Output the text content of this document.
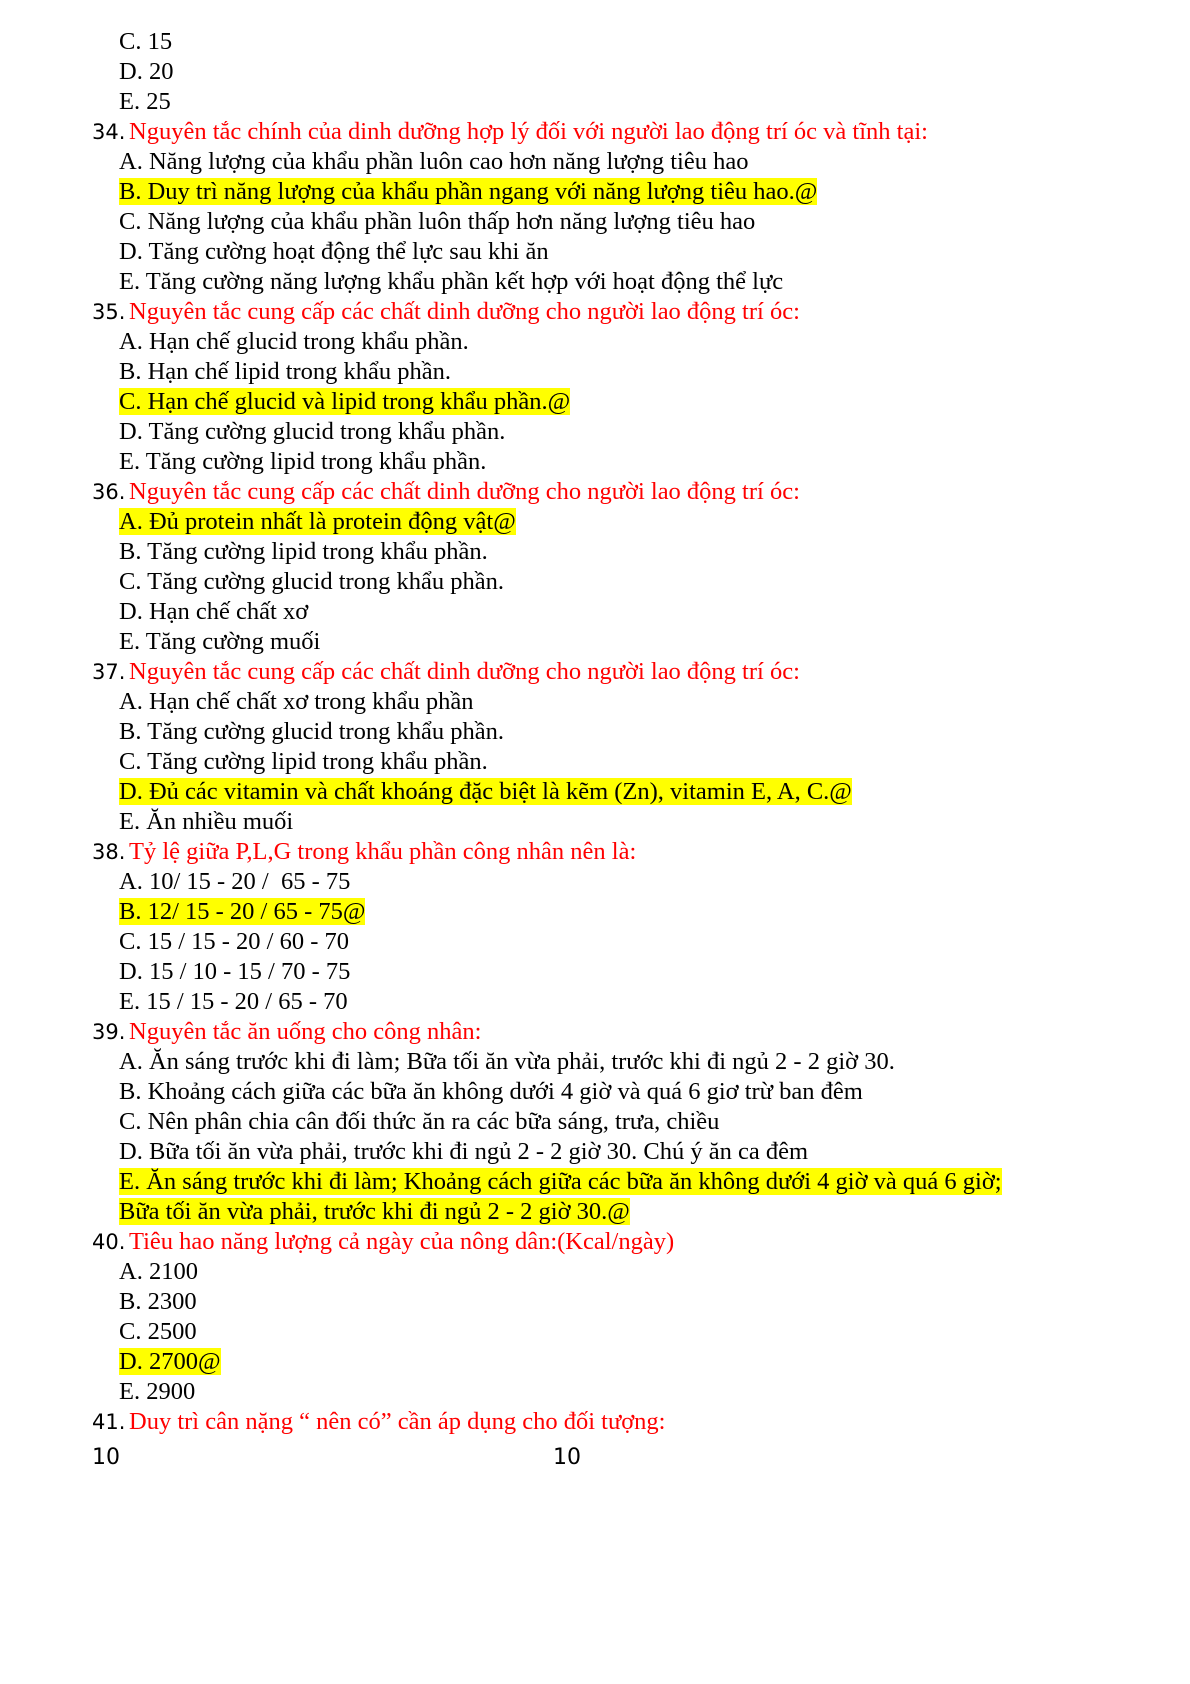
C. 15
D. 20
E. 25
34. Nguyên tắc chính của dinh dưỡng hợp lý đối với người lao động trí óc và tĩnh tại:
A. Năng lượng của khẩu phần luôn cao hơn năng lượng tiêu hao
B. Duy trì năng lượng của khẩu phần ngang với năng lượng tiêu hao.@
C. Năng lượng của khẩu phần luôn thấp hơn năng lượng tiêu hao
D. Tăng cường hoạt động thể lực sau khi ăn
E. Tăng cường năng lượng khẩu phần kết hợp với hoạt động thể lực
35. Nguyên tắc cung cấp các chất dinh dưỡng cho người lao động trí óc:
A. Hạn chế glucid trong khẩu phần.
B. Hạn chế lipid trong khẩu phần.
C. Hạn chế glucid và lipid trong khẩu phần.@
D. Tăng cường glucid trong khẩu phần.
E. Tăng cường lipid trong khẩu phần.
36. Nguyên tắc cung cấp các chất dinh dưỡng cho người lao động trí óc:
A. Đủ protein nhất là protein động vật@
B. Tăng cường lipid trong khẩu phần.
C. Tăng cường glucid trong khẩu phần.
D. Hạn chế chất xơ
E. Tăng cường muối
37. Nguyên tắc cung cấp các chất dinh dưỡng cho người lao động trí óc:
A. Hạn chế chất xơ trong khẩu phần
B. Tăng cường glucid trong khẩu phần.
C. Tăng cường lipid trong khẩu phần.
D. Đủ các vitamin và chất khoáng đặc biệt là kẽm (Zn), vitamin E, A, C.@
E. Ăn nhiều muối
38. Tỷ lệ giữa P,L,G trong khẩu phần công nhân nên là:
A. 10/ 15 - 20 /  65 - 75
B. 12/ 15 - 20 / 65 - 75@
C. 15 / 15 - 20 / 60 - 70
D. 15 / 10 - 15 / 70 - 75
E. 15 / 15 - 20 / 65 - 70
39. Nguyên tắc ăn uống cho công nhân:
A. Ăn sáng trước khi đi làm; Bữa tối ăn vừa phải, trước khi đi ngủ 2 - 2 giờ 30.
B. Khoảng cách giữa các bữa ăn không dưới 4 giờ và quá 6 giơ trừ ban đêm
C. Nên phân chia cân đối thức ăn ra các bữa sáng, trưa, chiều
D. Bữa tối ăn vừa phải, trước khi đi ngủ 2 - 2 giờ 30. Chú ý ăn ca đêm
E. Ăn sáng trước khi đi làm; Khoảng cách giữa các bữa ăn không dưới 4 giờ và quá 6 giờ; Bữa tối ăn vừa phải, trước khi đi ngủ 2 - 2 giờ 30.@
40. Tiêu hao năng lượng cả ngày của nông dân:(Kcal/ngày)
A. 2100
B. 2300
C. 2500
D. 2700@
E. 2900
41. Duy trì cân nặng “ nên có” cần áp dụng cho đối tượng:
10	10
